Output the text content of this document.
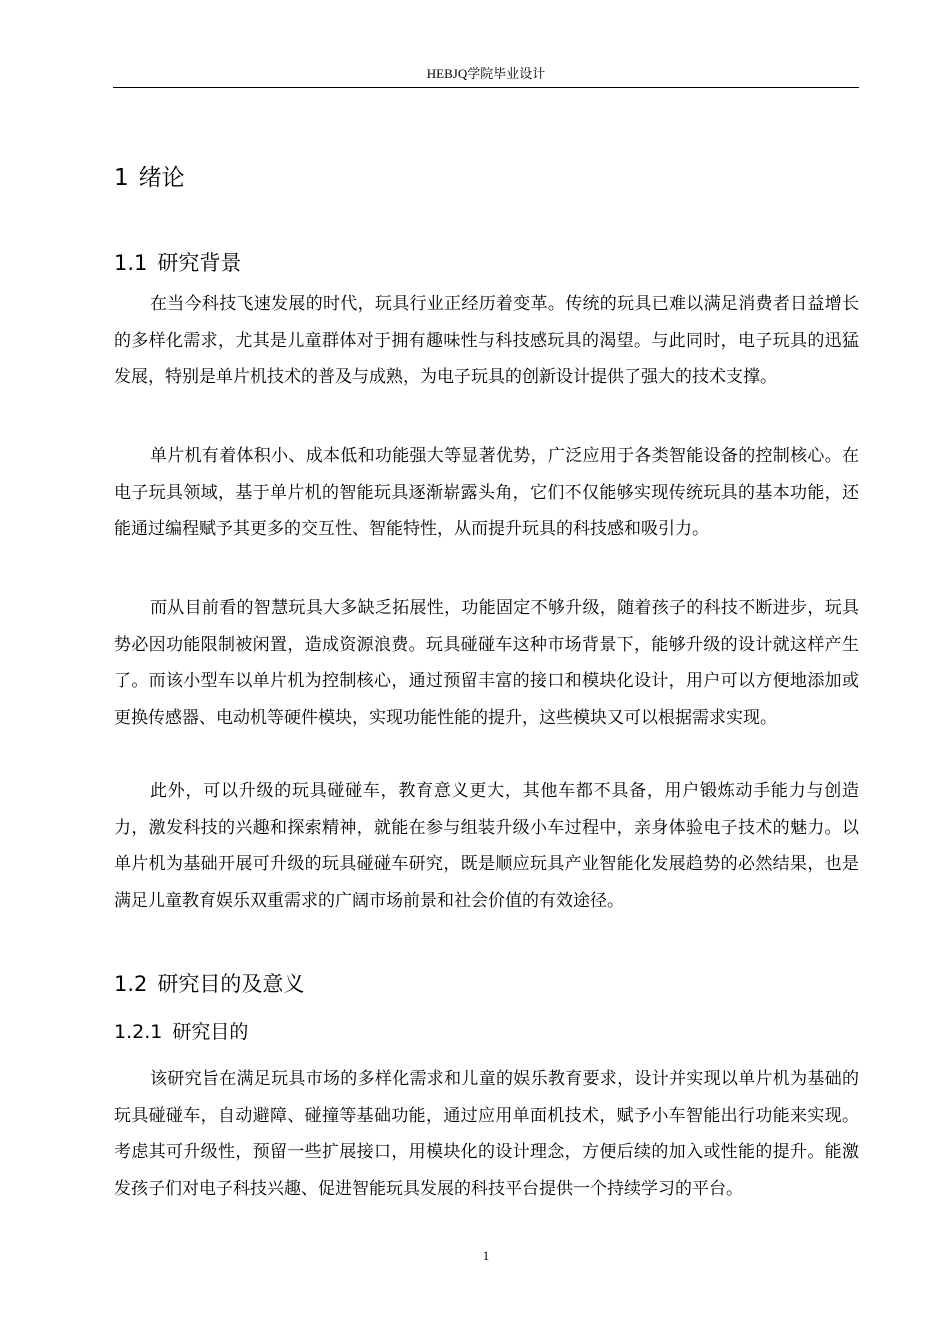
HEBJQ学院毕业设计
1 绪论
1.1 研究背景

在当今科技飞速发展的时代，玩具行业正经历着变革。传统的玩具已难以满足消费者日益增长的多样化需求，尤其是儿童群体对于拥有趣味性与科技感玩具的渴望。与此同时，电子玩具的迅猛发展，特别是单片机技术的普及与成熟，为电子玩具的创新设计提供了强大的技术支撑。

单片机有着体积小、成本低和功能强大等显著优势，广泛应用于各类智能设备的控制核心。在电子玩具领域，基于单片机的智能玩具逐渐崭露头角，它们不仅能够实现传统玩具的基本功能，还能通过编程赋予其更多的交互性、智能特性，从而提升玩具的科技感和吸引力。

而从目前看的智慧玩具大多缺乏拓展性，功能固定不够升级，随着孩子的科技不断进步，玩具势必因功能限制被闲置，造成资源浪费。玩具碰碰车这种市场背景下，能够升级的设计就这样产生了。而该小型车以单片机为控制核心，通过预留丰富的接口和模块化设计，用户可以方便地添加或更换传感器、电动机等硬件模块，实现功能性能的提升，这些模块又可以根据需求实现。

此外，可以升级的玩具碰碰车，教育意义更大，其他车都不具备，用户锻炼动手能力与创造力，激发科技的兴趣和探索精神，就能在参与组装升级小车过程中，亲身体验电子技术的魅力。以单片机为基础开展可升级的玩具碰碰车研究，既是顺应玩具产业智能化发展趋势的必然结果，也是满足儿童教育娱乐双重需求的广阔市场前景和社会价值的有效途径。

1.2 研究目的及意义
1.2.1 研究目的

该研究旨在满足玩具市场的多样化需求和儿童的娱乐教育要求，设计并实现以单片机为基础的玩具碰碰车，自动避障、碰撞等基础功能，通过应用单面机技术，赋予小车智能出行功能来实现。考虑其可升级性，预留一些扩展接口，用模块化的设计理念，方便后续的加入或性能的提升。能激发孩子们对电子科技兴趣、促进智能玩具发展的科技平台提供一个持续学习的平台。

1
